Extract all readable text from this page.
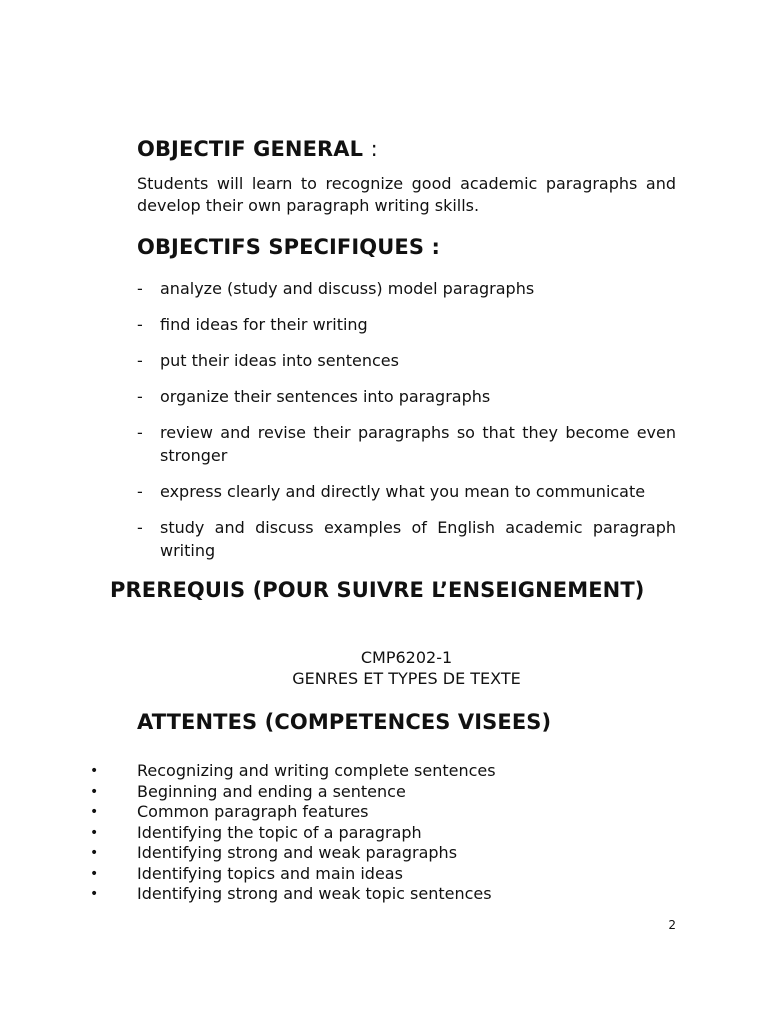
OBJECTIF GENERAL :
Students will learn to recognize good academic paragraphs and develop their own paragraph writing skills.
OBJECTIFS SPECIFIQUES :
- analyze (study and discuss) model paragraphs
- find ideas for their writing
- put their ideas into sentences
- organize their sentences into paragraphs
- review and revise their paragraphs so that they become even stronger
- express clearly and directly what you mean to communicate
- study and discuss examples of English academic paragraph writing
PREREQUIS (POUR SUIVRE L’ENSEIGNEMENT)
CMP6202-1
GENRES ET TYPES DE TEXTE
ATTENTES (COMPETENCES VISEES)
• Recognizing and writing complete sentences
• Beginning and ending a sentence
• Common paragraph features
• Identifying the topic of a paragraph
• Identifying strong and weak paragraphs
• Identifying topics and main ideas
• Identifying strong and weak topic sentences
2
